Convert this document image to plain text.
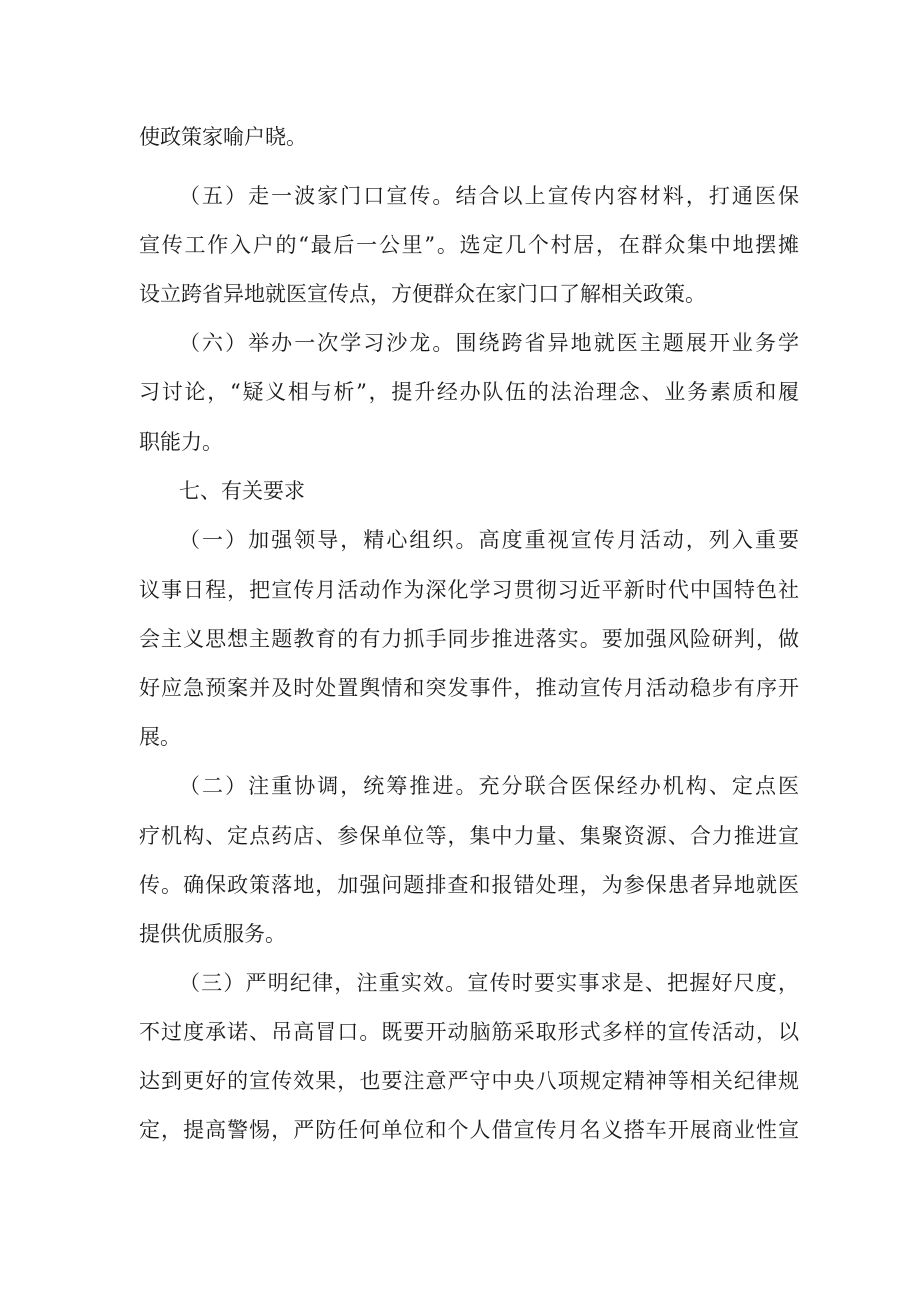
使政策家喻户晓。
（五）走一波家门口宣传。结合以上宣传内容材料，打通医保
宣传工作入户的“最后一公里”。选定几个村居，在群众集中地摆摊
设立跨省异地就医宣传点，方便群众在家门口了解相关政策。
（六）举办一次学习沙龙。围绕跨省异地就医主题展开业务学
习讨论，“疑义相与析”，提升经办队伍的法治理念、业务素质和履
职能力。
七、有关要求
（一）加强领导，精心组织。高度重视宣传月活动，列入重要
议事日程，把宣传月活动作为深化学习贯彻习近平新时代中国特色社
会主义思想主题教育的有力抓手同步推进落实。要加强风险研判，做
好应急预案并及时处置舆情和突发事件，推动宣传月活动稳步有序开
展。
（二）注重协调，统筹推进。充分联合医保经办机构、定点医
疗机构、定点药店、参保单位等，集中力量、集聚资源、合力推进宣
传。确保政策落地，加强问题排查和报错处理，为参保患者异地就医
提供优质服务。
（三）严明纪律，注重实效。宣传时要实事求是、把握好尺度，
不过度承诺、吊高冒口。既要开动脑筋采取形式多样的宣传活动，以
达到更好的宣传效果，也要注意严守中央八项规定精神等相关纪律规
定，提高警惕，严防任何单位和个人借宣传月名义搭车开展商业性宣
